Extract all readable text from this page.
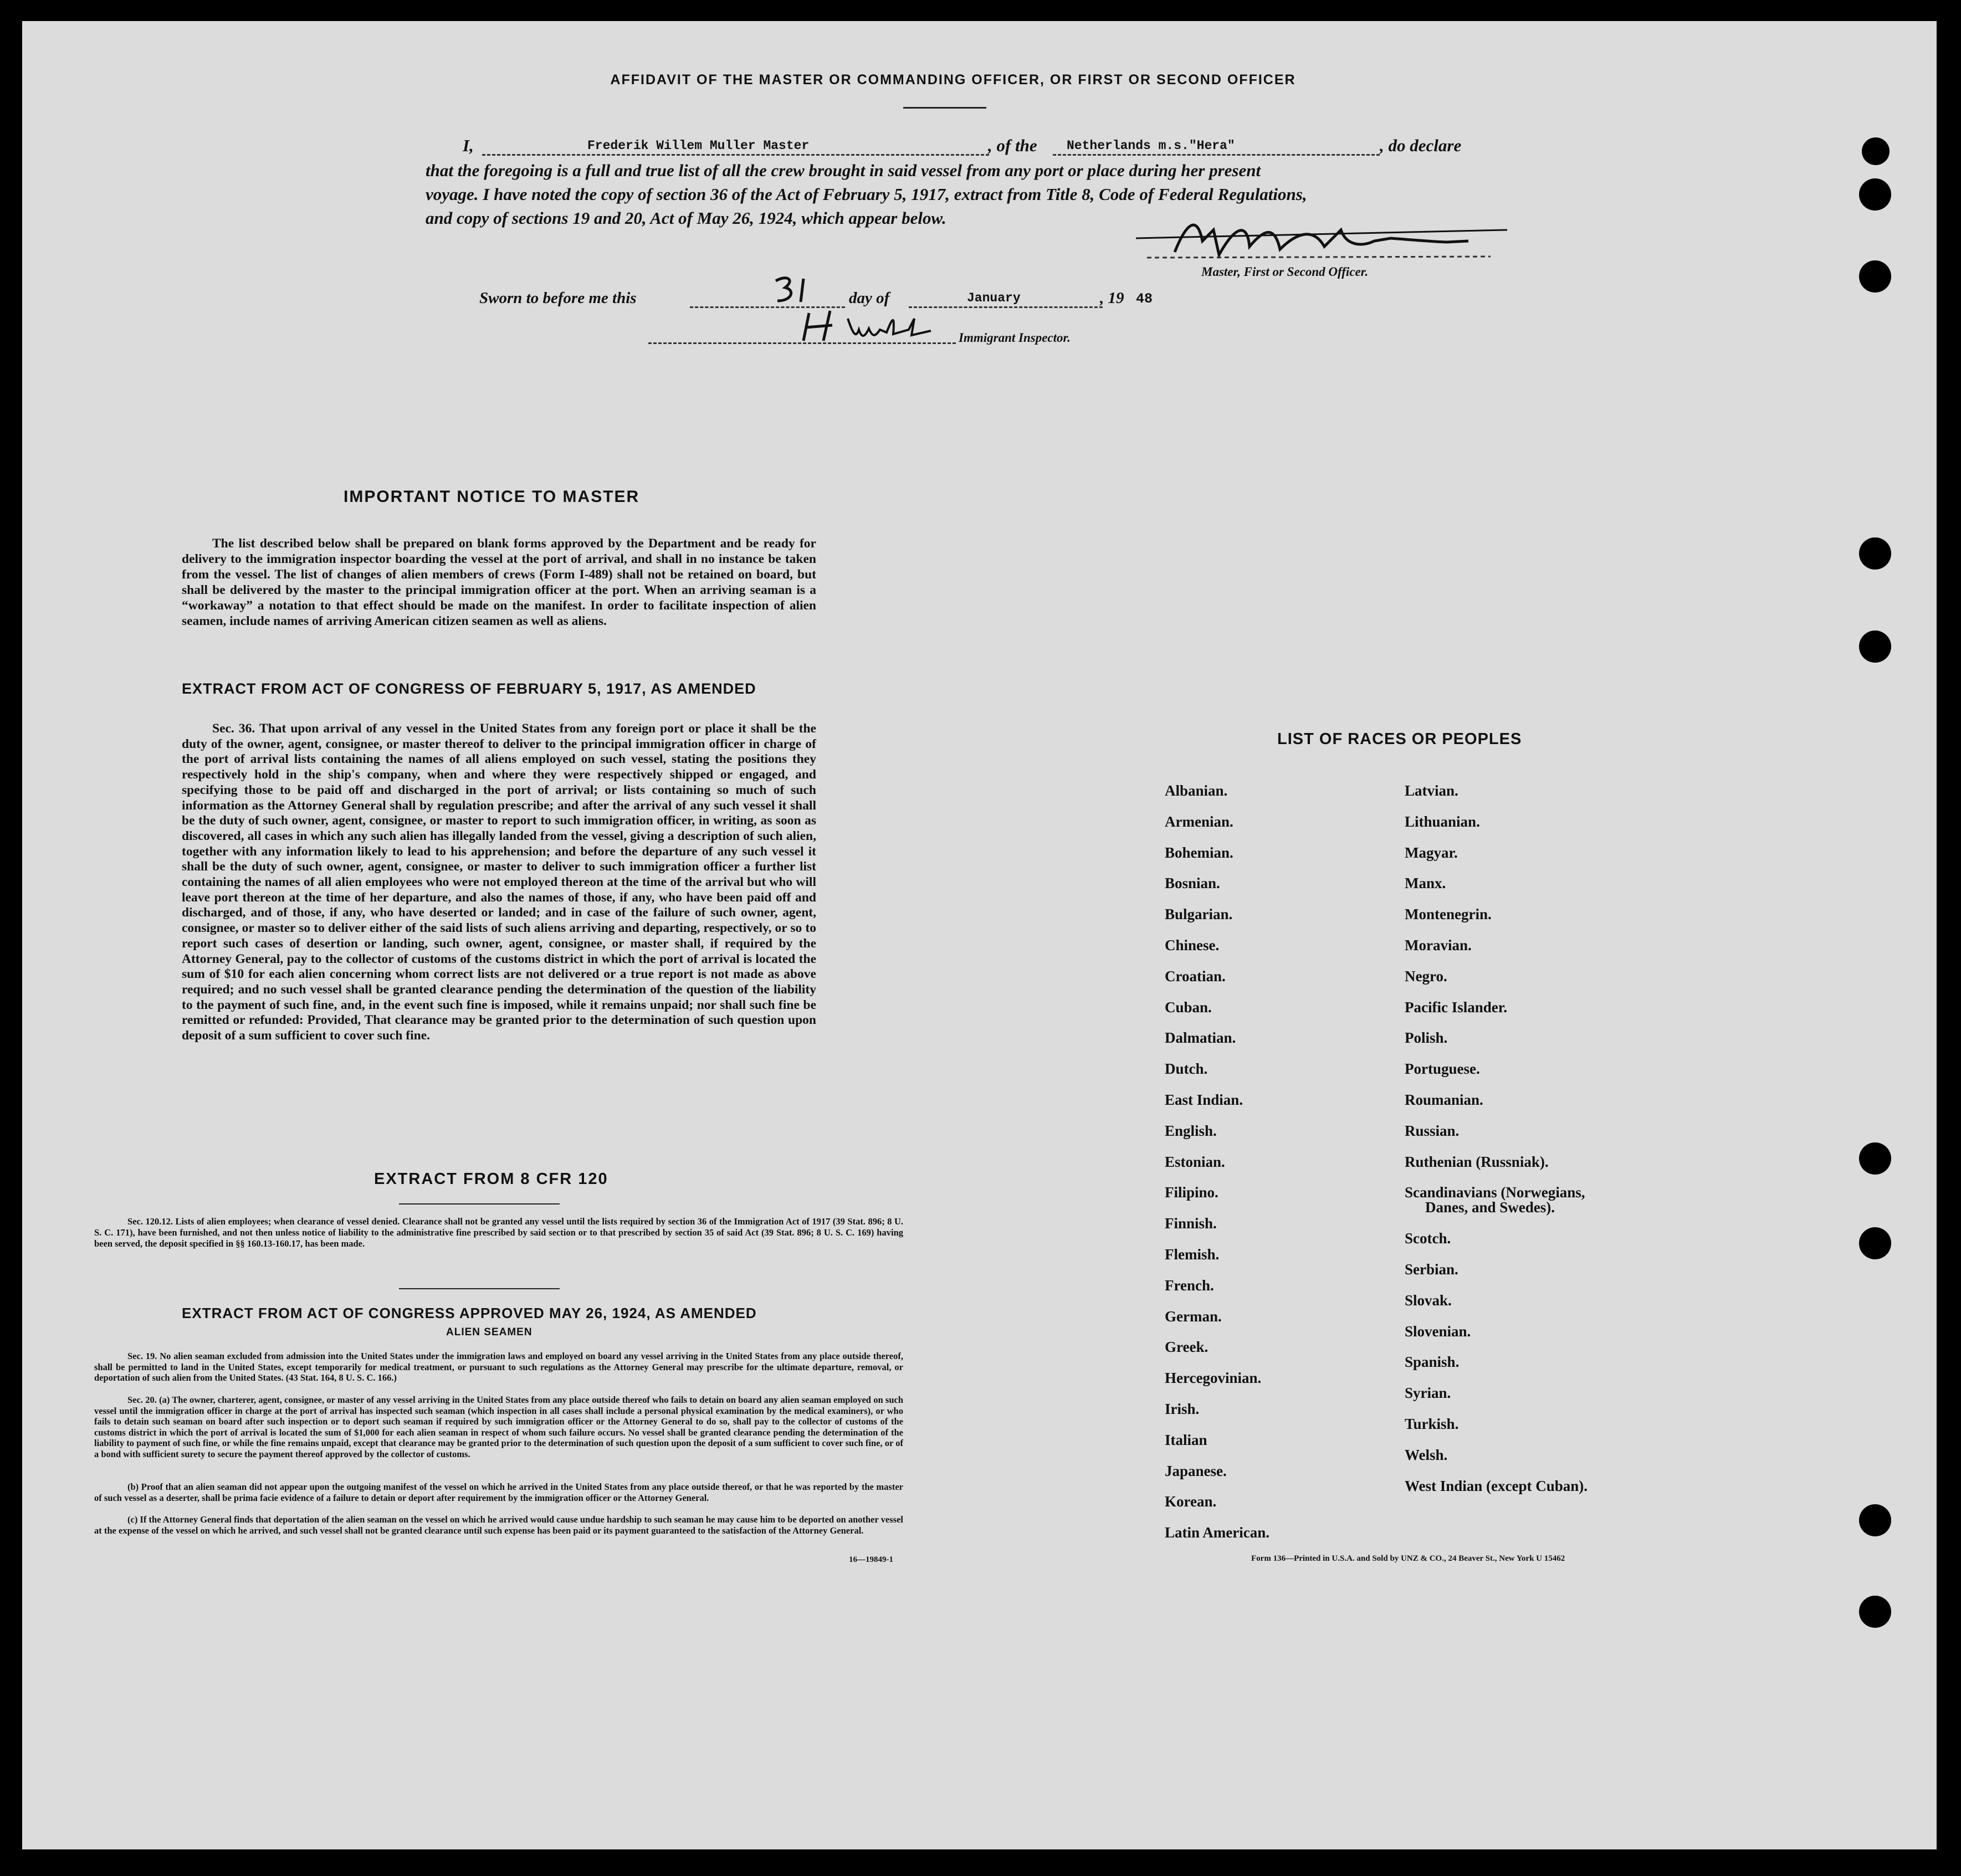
AFFIDAVIT OF THE MASTER OR COMMANDING OFFICER, OR FIRST OR SECOND OFFICER
I,	Frederik Willem Muller Master	, of the Netherlands m.s."Hera"	, do declare
that the foregoing is a full and true list of all the crew brought in said vessel from any port or place during her present
voyage. I have noted the copy of section 36 of the Act of February 5, 1917, extract from Title 8, Code of Federal Regulations,
and copy of sections 19 and 20, Act of May 26, 1924, which appear below.
Master, First or Second Officer.
Sworn to before me this	day of	January	, 19 48
Immigrant Inspector.
IMPORTANT NOTICE TO MASTER
The list described below shall be prepared on blank forms approved by the Department and be ready for delivery to the immigration inspector boarding the vessel at the port of arrival, and shall in no instance be taken from the vessel. The list of changes of alien members of crews (Form I-489) shall not be retained on board, but shall be delivered by the master to the principal immigration officer at the port. When an arriving seaman is a “workaway” a notation to that effect should be made on the manifest. In order to facilitate inspection of alien seamen, include names of arriving American citizen seamen as well as aliens.
EXTRACT FROM ACT OF CONGRESS OF FEBRUARY 5, 1917, AS AMENDED
Sec. 36. That upon arrival of any vessel in the United States from any foreign port or place it shall be the duty of the owner, agent, consignee, or master thereof to deliver to the principal immigration officer in charge of the port of arrival lists containing the names of all aliens employed on such vessel, stating the positions they respectively hold in the ship's company, when and where they were respectively shipped or engaged, and specifying those to be paid off and discharged in the port of arrival; or lists containing so much of such information as the Attorney General shall by regulation prescribe; and after the arrival of any such vessel it shall be the duty of such owner, agent, consignee, or master to report to such immigration officer, in writing, as soon as discovered, all cases in which any such alien has illegally landed from the vessel, giving a description of such alien, together with any information likely to lead to his apprehension; and before the departure of any such vessel it shall be the duty of such owner, agent, consignee, or master to deliver to such immigration officer a further list containing the names of all alien employees who were not employed thereon at the time of the arrival but who will leave port thereon at the time of her departure, and also the names of those, if any, who have been paid off and discharged, and of those, if any, who have deserted or landed; and in case of the failure of such owner, agent, consignee, or master so to deliver either of the said lists of such aliens arriving and departing, respectively, or so to report such cases of desertion or landing, such owner, agent, consignee, or master shall, if required by the Attorney General, pay to the collector of customs of the customs district in which the port of arrival is located the sum of $10 for each alien concerning whom correct lists are not delivered or a true report is not made as above required; and no such vessel shall be granted clearance pending the determination of the question of the liability to the payment of such fine, and, in the event such fine is imposed, while it remains unpaid; nor shall such fine be remitted or refunded: Provided, That clearance may be granted prior to the determination of such question upon deposit of a sum sufficient to cover such fine.
EXTRACT FROM 8 CFR 120
Sec. 120.12. Lists of alien employees; when clearance of vessel denied. Clearance shall not be granted any vessel until the lists required by section 36 of the Immigration Act of 1917 (39 Stat. 896; 8 U. S. C. 171), have been furnished, and not then unless notice of liability to the administrative fine prescribed by said section or to that prescribed by section 35 of said Act (39 Stat. 896; 8 U. S. C. 169) having been served, the deposit specified in §§ 160.13-160.17, has been made.
EXTRACT FROM ACT OF CONGRESS APPROVED MAY 26, 1924, AS AMENDED
ALIEN SEAMEN
Sec. 19. No alien seaman excluded from admission into the United States under the immigration laws and employed on board any vessel arriving in the United States from any place outside thereof, shall be permitted to land in the United States, except temporarily for medical treatment, or pursuant to such regulations as the Attorney General may prescribe for the ultimate departure, removal, or deportation of such alien from the United States. (43 Stat. 164, 8 U. S. C. 166.)
Sec. 20. (a) The owner, charterer, agent, consignee, or master of any vessel arriving in the United States from any place outside thereof who fails to detain on board any alien seaman employed on such vessel until the immigration officer in charge at the port of arrival has inspected such seaman (which inspection in all cases shall include a personal physical examination by the medical examiners), or who fails to detain such seaman on board after such inspection or to deport such seaman if required by such immigration officer or the Attorney General to do so, shall pay to the collector of customs of the customs district in which the port of arrival is located the sum of $1,000 for each alien seaman in respect of whom such failure occurs. No vessel shall be granted clearance pending the determination of the liability to payment of such fine, or while the fine remains unpaid, except that clearance may be granted prior to the determination of such question upon the deposit of a sum sufficient to cover such fine, or of a bond with sufficient surety to secure the payment thereof approved by the collector of customs.
(b) Proof that an alien seaman did not appear upon the outgoing manifest of the vessel on which he arrived in the United States from any place outside thereof, or that he was reported by the master of such vessel as a deserter, shall be prima facie evidence of a failure to detain or deport after requirement by the immigration officer or the Attorney General.
(c) If the Attorney General finds that deportation of the alien seaman on the vessel on which he arrived would cause undue hardship to such seaman he may cause him to be deported on another vessel at the expense of the vessel on which he arrived, and such vessel shall not be granted clearance until such expense has been paid or its payment guaranteed to the satisfaction of the Attorney General.
16—19849-1
LIST OF RACES OR PEOPLES
Albanian.
Armenian.
Bohemian.
Bosnian.
Bulgarian.
Chinese.
Croatian.
Cuban.
Dalmatian.
Dutch.
East Indian.
English.
Estonian.
Filipino.
Finnish.
Flemish.
French.
German.
Greek.
Hercegovinian.
Irish.
Italian
Japanese.
Korean.
Latin American.
Latvian.
Lithuanian.
Magyar.
Manx.
Montenegrin.
Moravian.
Negro.
Pacific Islander.
Polish.
Portuguese.
Roumanian.
Russian.
Ruthenian (Russniak).
Scandinavians (Norwegians,
Danes, and Swedes).
Scotch.
Serbian.
Slovak.
Slovenian.
Spanish.
Syrian.
Turkish.
Welsh.
West Indian (except Cuban).
Form 136—Printed in U.S.A. and Sold by UNZ & CO., 24 Beaver St., New York U 15462
